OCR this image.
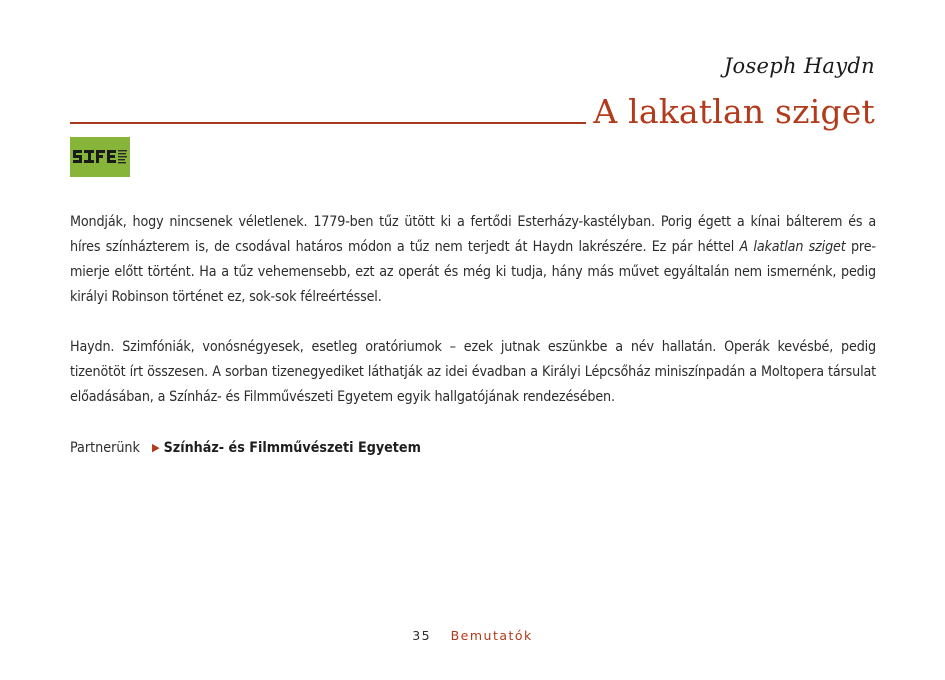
Joseph Haydn
A lakatlan sziget

Mondják, hogy nincsenek véletlenek. 1779-ben tűz ütött ki a fertődi Esterházy-kastélyban. Porig égett a kínai bálterem és a híres színházterem is, de csodával határos módon a tűz nem terjedt át Haydn lakrészére. Ez pár héttel A lakatlan sziget premierje előtt történt. Ha a tűz vehemensebb, ezt az operát és még ki tudja, hány más művet egyáltalán nem ismernénk, pedig királyi Robinson történet ez, sok-sok félreértéssel.

Haydn. Szimfóniák, vonósnégyesek, esetleg oratóriumok – ezek jutnak eszünkbe a név hallatán. Operák kevésbé, pedig tizenötöt írt összesen. A sorban tizenegyediket láthatják az idei évadban a Királyi Lépcsőház miniszínpadán a Moltopera társulat előadásában, a Színház- és Filmművészeti Egyetem egyik hallgatójának rendezésében.

Partnerünk ▶ Színház- és Filmművészeti Egyetem
35 Bemutatók
